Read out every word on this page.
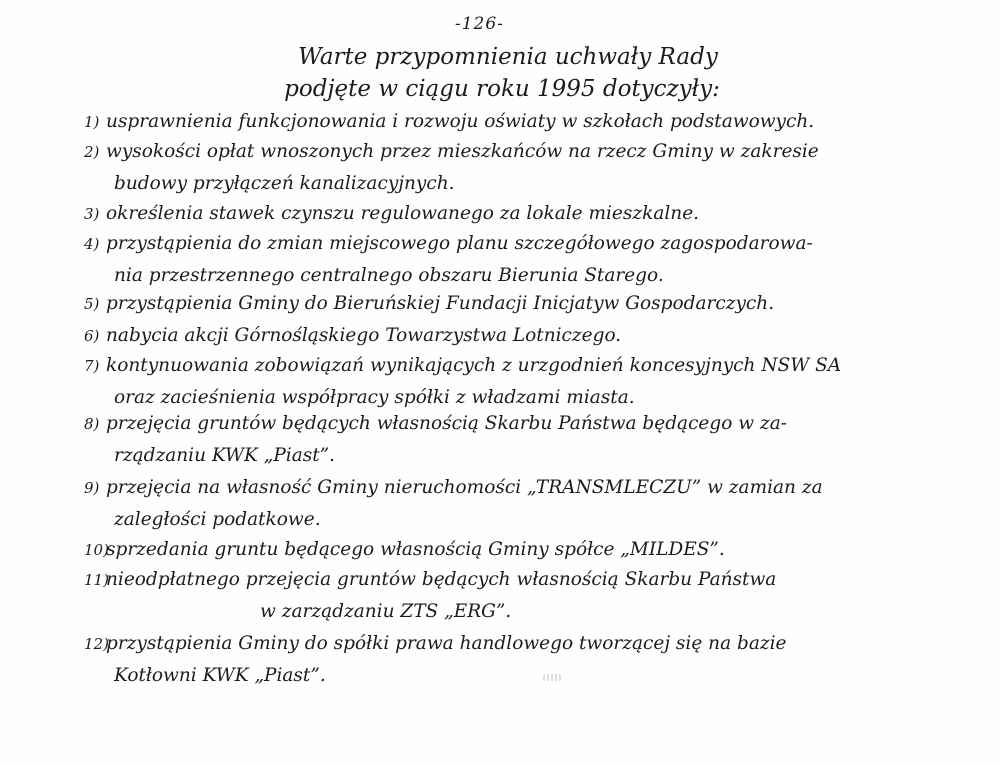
-126-
Warte przypomnienia uchwały Rady
podjęte w ciągu roku 1995 dotyczyły:
1) usprawnienia funkcjonowania i rozwoju oświaty w szkołach podstawowych.
2) wysokości opłat wnoszonych przez mieszkańców na rzecz Gminy w zakresie
budowy przyłączeń kanalizacyjnych.
3) określenia stawek czynszu regulowanego za lokale mieszkalne.
4) przystąpienia do zmian miejscowego planu szczegółowego zagospodarowa-
nia przestrzennego centralnego obszaru Bierunia Starego.
5) przystąpienia Gminy do Bieruńskiej Fundacji Inicjatyw Gospodarczych.
6) nabycia akcji Górnośląskiego Towarzystwa Lotniczego.
7) kontynuowania zobowiązań wynikających z urzgodnień koncesyjnych NSW SA
oraz zacieśnienia współpracy spółki z władzami miasta.
8) przejęcia gruntów będących własnością Skarbu Państwa będącego w za-
rządzaniu KWK „Piast”.
9) przejęcia na własność Gminy nieruchomości „TRANSMLECZU” w zamian za
zaległości podatkowe.
10)
sprzedania gruntu będącego własnością Gminy spółce „MILDES”.
11)
nieodpłatnego przejęcia gruntów będących własnością Skarbu Państwa
w zarządzaniu ZTS „ERG”.
12)
przystąpienia Gminy do spółki prawa handlowego tworzącej się na bazie
Kotłowni KWK „Piast”.
